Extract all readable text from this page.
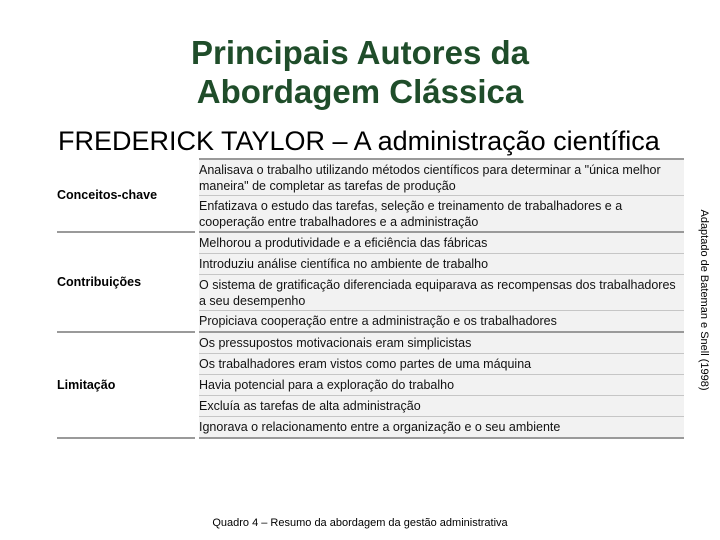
Principais Autores da
Abordagem Clássica
FREDERICK TAYLOR – A administração científica
Conceitos-chave		Analisava o trabalho utilizando métodos científicos para determinar a "única melhor maneira" de completar as tarefas de produção
		Enfatizava o estudo das tarefas, seleção e treinamento de trabalhadores e a cooperação entre trabalhadores e a administração
Contribuições		Melhorou a produtividade e a eficiência das fábricas
		Introduziu análise científica no ambiente de trabalho
		O sistema de gratificação diferenciada equiparava as recompensas dos trabalhadores a seu desempenho
		Propiciava cooperação entre a administração e os trabalhadores
Limitação		Os pressupostos motivacionais eram simplicistas
		Os trabalhadores eram vistos como partes de uma máquina
		Havia potencial para a exploração do trabalho
		Excluía as tarefas de alta administração
		Ignorava o relacionamento entre a organização e o seu ambiente
Adaptado de Bateman e Snell (1998)
Quadro 4 – Resumo da abordagem da gestão administrativa
